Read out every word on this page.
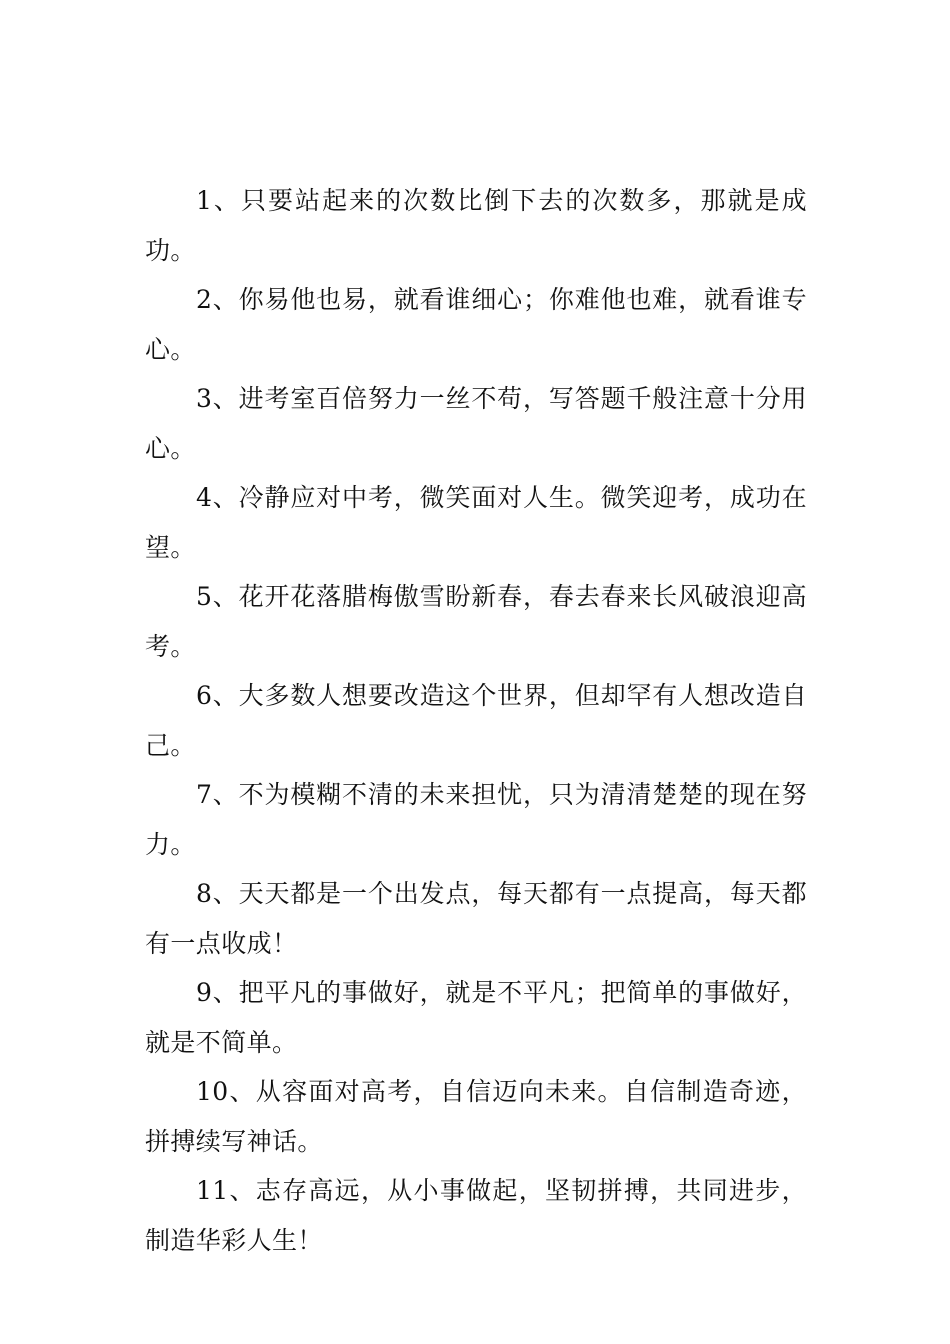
1、只要站起来的次数比倒下去的次数多，那就是成功。

2、你易他也易，就看谁细心；你难他也难，就看谁专心。

3、进考室百倍努力一丝不苟，写答题千般注意十分用心。

4、冷静应对中考，微笑面对人生。微笑迎考，成功在望。

5、花开花落腊梅傲雪盼新春，春去春来长风破浪迎高考。

6、大多数人想要改造这个世界，但却罕有人想改造自己。

7、不为模糊不清的未来担忧，只为清清楚楚的现在努力。

8、天天都是一个出发点，每天都有一点提高，每天都有一点收成！

9、把平凡的事做好，就是不平凡；把简单的事做好，就是不简单。

10、从容面对高考，自信迈向未来。自信制造奇迹，拼搏续写神话。

11、志存高远，从小事做起，坚韧拼搏，共同进步，制造华彩人生！
